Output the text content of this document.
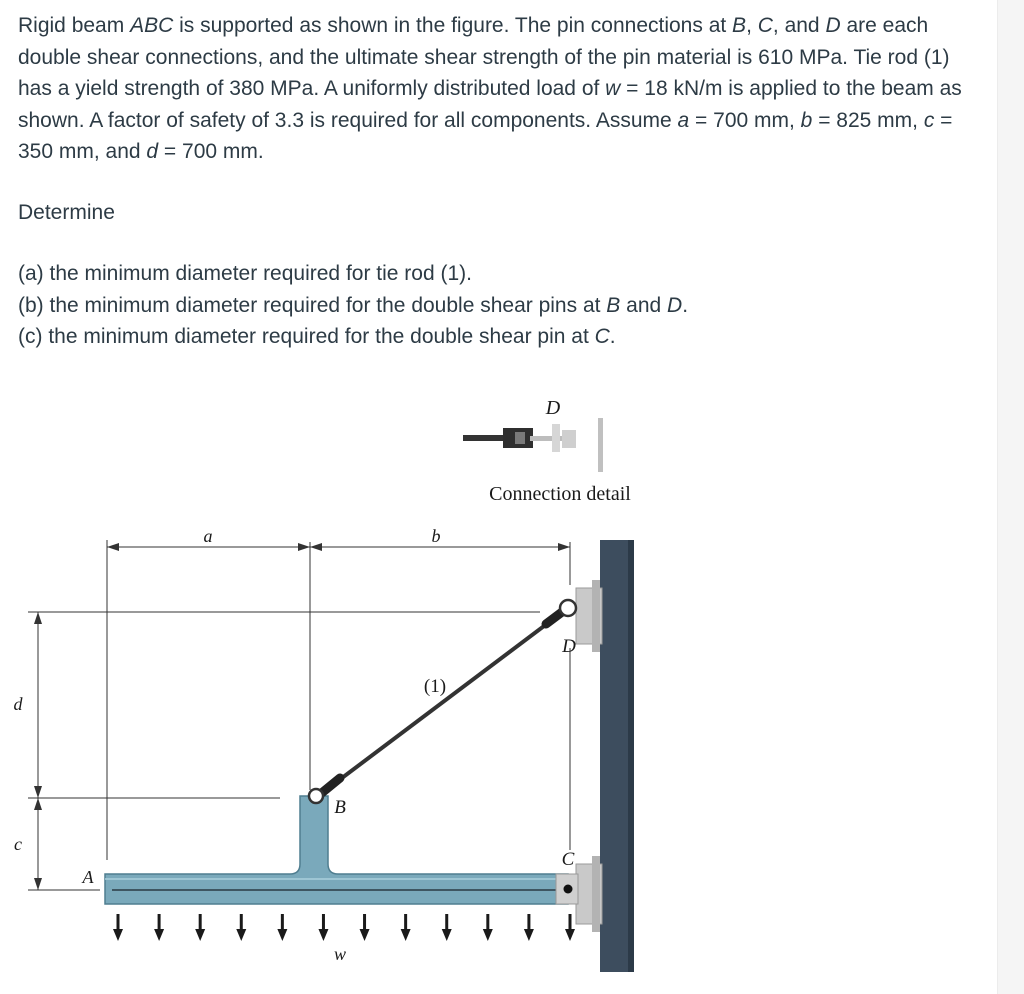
Rigid beam ABC is supported as shown in the figure. The pin connections at B, C, and D are each double shear connections, and the ultimate shear strength of the pin material is 610 MPa. Tie rod (1) has a yield strength of 380 MPa. A uniformly distributed load of w = 18 kN/m is applied to the beam as shown. A factor of safety of 3.3 is required for all components. Assume a = 700 mm, b = 825 mm, c = 350 mm, and d = 700 mm.

Determine

(a) the minimum diameter required for tie rod (1).

(b) the minimum diameter required for the double shear pins at B and D.

(c) the minimum diameter required for the double shear pin at C.

D
Connection detail
a	b
d
c
A
B
C
D
(1)
w
